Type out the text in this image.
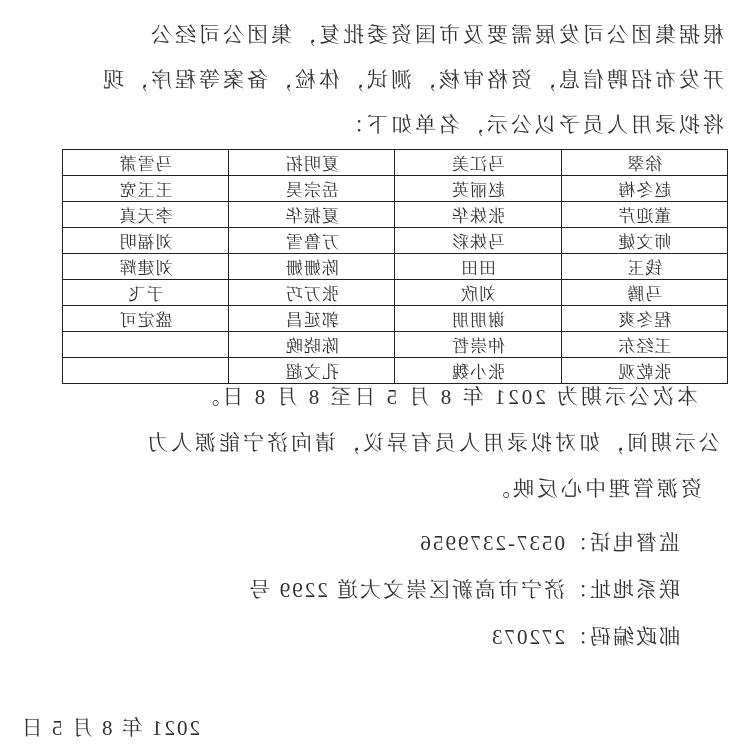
根据集团公司发展需要及市国资委批复，集团公司经公
开发布招聘信息，资格审核，测试，体检，备案等程序，现
将拟录用人员予以公示，名单如下：
徐翠	马江美	夏明拓	马雪萧
赵冬梅	赵丽英	岳宗昊	王玉宽
董迎芹	张姝华	夏振华	李天真
师文婕	马姝彩	万鲁雪	刘福明
钱玉	田田	陈姗姗	刘建辉
马腾	刘欣	张万巧	于飞
程冬爽	谢朋朋	郭延昌	盛定可
王经东	仲崇哲	陈晓晚	
张乾观	张小魏	孔文超	
本次公示期为 2021 年 8 月 5 日至 8 月 8 日。
公示期间，如对拟录用人员有异议，请向济宁能源人力
资源管理中心反映。
监督电话：0537-2379956
联系地址：济宁市高新区崇文大道 2299 号
邮政编码：272073
2021 年 8 月 5 日
